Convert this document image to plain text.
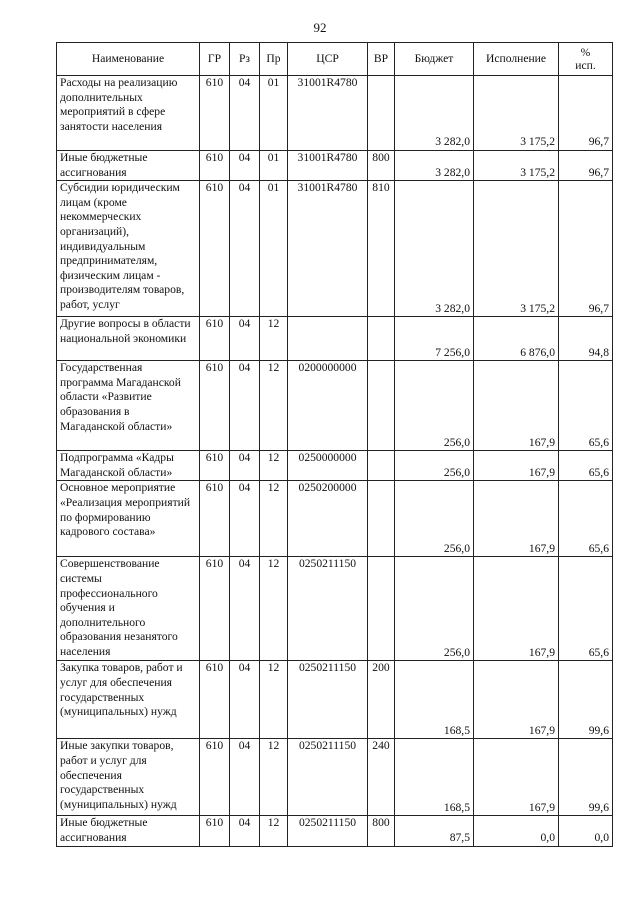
92
Наименование	ГР	Рз	Пр	ЦСР	ВР	Бюджет	Исполнение	%
исп.
Расходы на реализацию дополнительных мероприятий в сфере занятости населения	610	04	01	31001R4780		3 282,0	3 175,2	96,7
Иные бюджетные ассигнования	610	04	01	31001R4780	800	3 282,0	3 175,2	96,7
Субсидии юридическим лицам (кроме некоммерческих организаций), индивидуальным предпринимателям, физическим лицам - производителям товаров, работ, услуг	610	04	01	31001R4780	810	3 282,0	3 175,2	96,7
Другие вопросы в области национальной экономики	610	04	12			7 256,0	6 876,0	94,8
Государственная программа Магаданской области «Развитие образования в Магаданской области»	610	04	12	0200000000		256,0	167,9	65,6
Подпрограмма «Кадры Магаданской области»	610	04	12	0250000000		256,0	167,9	65,6
Основное мероприятие «Реализация мероприятий по формированию кадрового состава»	610	04	12	0250200000		256,0	167,9	65,6
Совершенствование системы профессионального обучения и дополнительного образования незанятого населения	610	04	12	0250211150		256,0	167,9	65,6
Закупка товаров, работ и услуг для обеспечения государственных (муниципальных) нужд	610	04	12	0250211150	200	168,5	167,9	99,6
Иные закупки товаров, работ и услуг для обеспечения государственных (муниципальных) нужд	610	04	12	0250211150	240	168,5	167,9	99,6
Иные бюджетные ассигнования	610	04	12	0250211150	800	87,5	0,0	0,0
